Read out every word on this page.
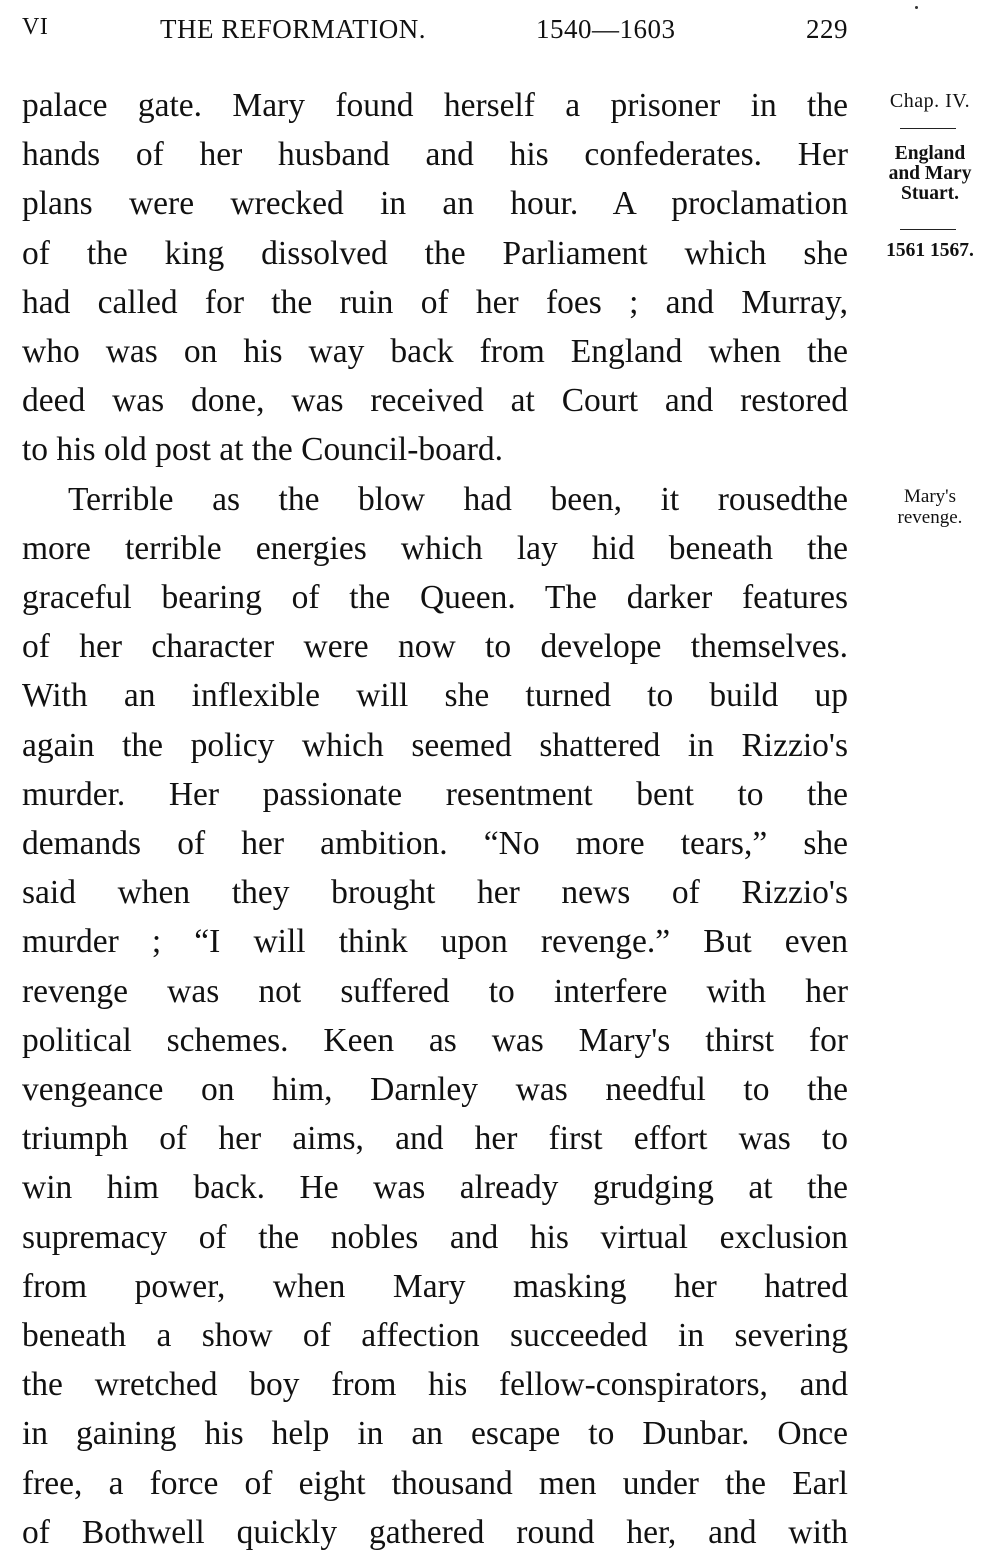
VI	THE REFORMATION.	1540—1603	229

palace gate. Mary found herself a prisoner in the
hands of her husband and his confederates. Her
plans were wrecked in an hour. A proclamation
of the king dissolved the Parliament which she
had called for the ruin of her foes ; and Murray,
who was on his way back from England when the
deed was done, was received at Court and restored
to his old post at the Council-board.

Terrible as the blow had been, it rousedthe
more terrible energies which lay hid beneath the
graceful bearing of the Queen. The darker features
of her character were now to develope themselves.
With an inflexible will she turned to build up
again the policy which seemed shattered in Rizzio's
murder. Her passionate resentment bent to the
demands of her ambition. “No more tears,” she
said when they brought her news of Rizzio's
murder ; “I will think upon revenge.” But even
revenge was not suffered to interfere with her
political schemes. Keen as was Mary's thirst for
vengeance on him, Darnley was needful to the
triumph of her aims, and her first effort was to
win him back. He was already grudging at the
supremacy of the nobles and his virtual exclusion
from power, when Mary masking her hatred
beneath a show of affection succeeded in severing
the wretched boy from his fellow-conspirators, and
in gaining his help in an escape to Dunbar. Once
free, a force of eight thousand men under the Earl
of Bothwell quickly gathered round her, and with

Chap. IV.
England
and Mary
Stuart.
1561 1567.
Mary's
revenge.
